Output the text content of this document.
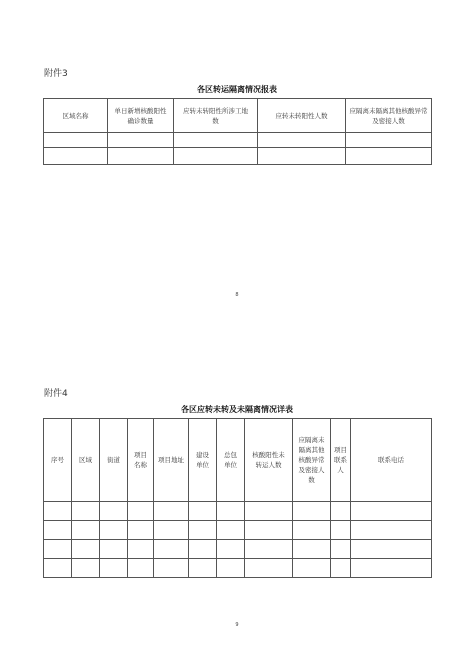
附件3
各区转运隔离情况报表
区域名称	单日新增核酸阳性确诊数量	应转未转阳性所涉工地数	应转未转阳性人数	应隔离未隔离其他核酸异常及密接人数

8
附件4
各区应转未转及未隔离情况详表
序号	区域	街道	项目名称	项目地址	建设单位	总包单位	核酸阳性未转运人数	应隔离未隔离其他核酸异常及密接人数	项目联系人	联系电话

9
